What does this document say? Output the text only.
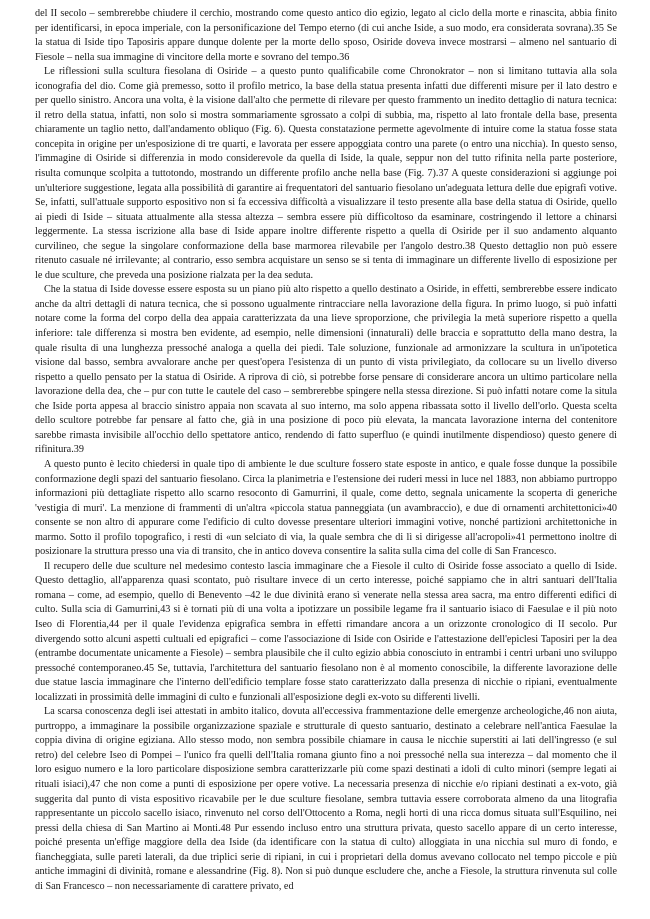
del II secolo – sembrerebbe chiudere il cerchio, mostrando come questo antico dio egizio, legato al ciclo della morte e rinascita, abbia finito per identificarsi, in epoca imperiale, con la personificazione del Tempo eterno (di cui anche Iside, a suo modo, era considerata sovrana).35 Se la statua di Iside tipo Taposiris appare dunque dolente per la morte dello sposo, Osiride doveva invece mostrarsi – almeno nel santuario di Fiesole – nella sua immagine di vincitore della morte e sovrano del tempo.36

Le riflessioni sulla scultura fiesolana di Osiride – a questo punto qualificabile come Chronokrator – non si limitano tuttavia alla sola iconografia del dio. Come già premesso, sotto il profilo metrico, la base della statua presenta infatti due differenti misure per il lato destro e per quello sinistro. Ancora una volta, è la visione dall'alto che permette di rilevare per questo frammento un inedito dettaglio di natura tecnica: il retro della statua, infatti, non solo si mostra sommariamente sgrossato a colpi di subbia, ma, rispetto al lato frontale della base, presenta chiaramente un taglio netto, dall'andamento obliquo (Fig. 6). Questa constatazione permette agevolmente di intuire come la statua fosse stata concepita in origine per un'esposizione di tre quarti, e lavorata per essere appoggiata contro una parete (o entro una nicchia). In questo senso, l'immagine di Osiride si differenzia in modo considerevole da quella di Iside, la quale, seppur non del tutto rifinita nella parte posteriore, risulta comunque scolpita a tuttotondo, mostrando un differente profilo anche nella base (Fig. 7).37 A queste considerazioni si aggiunge poi un'ulteriore suggestione, legata alla possibilità di garantire ai frequentatori del santuario fiesolano un'adeguata lettura delle due epigrafi votive. Se, infatti, sull'attuale supporto espositivo non si fa eccessiva difficoltà a visualizzare il testo presente alla base della statua di Osiride, quello ai piedi di Iside – situata attualmente alla stessa altezza – sembra essere più difficoltoso da esaminare, costringendo il lettore a chinarsi leggermente. La stessa iscrizione alla base di Iside appare inoltre differente rispetto a quella di Osiride per il suo andamento alquanto curvilineo, che segue la singolare conformazione della base marmorea rilevabile per l'angolo destro.38 Questo dettaglio non può essere ritenuto casuale né irrilevante; al contrario, esso sembra acquistare un senso se si tenta di immaginare un differente livello di esposizione per le due sculture, che preveda una posizione rialzata per la dea seduta.

Che la statua di Iside dovesse essere esposta su un piano più alto rispetto a quello destinato a Osiride, in effetti, sembrerebbe essere indicato anche da altri dettagli di natura tecnica, che si possono ugualmente rintracciare nella lavorazione della figura. In primo luogo, si può infatti notare come la forma del corpo della dea appaia caratterizzata da una lieve sproporzione, che privilegia la metà superiore rispetto a quella inferiore: tale differenza si mostra ben evidente, ad esempio, nelle dimensioni (innaturali) delle braccia e soprattutto della mano destra, la quale risulta di una lunghezza pressoché analoga a quella dei piedi. Tale soluzione, funzionale ad armonizzare la scultura in un'ipotetica visione dal basso, sembra avvalorare anche per quest'opera l'esistenza di un punto di vista privilegiato, da collocare su un livello diverso rispetto a quello pensato per la statua di Osiride. A riprova di ciò, si potrebbe forse pensare di considerare ancora un ultimo particolare nella lavorazione della dea, che – pur con tutte le cautele del caso – sembrerebbe spingere nella stessa direzione. Si può infatti notare come la situla che Iside porta appesa al braccio sinistro appaia non scavata al suo interno, ma solo appena ribassata sotto il livello dell'orlo. Questa scelta dello scultore potrebbe far pensare al fatto che, già in una posizione di poco più elevata, la mancata lavorazione interna del contenitore sarebbe rimasta invisibile all'occhio dello spettatore antico, rendendo di fatto superfluo (e quindi inutilmente dispendioso) questo genere di rifinitura.39

A questo punto è lecito chiedersi in quale tipo di ambiente le due sculture fossero state esposte in antico, e quale fosse dunque la possibile conformazione degli spazi del santuario fiesolano. Circa la planimetria e l'estensione dei ruderi messi in luce nel 1883, non abbiamo purtroppo informazioni più dettagliate rispetto allo scarno resoconto di Gamurrini, il quale, come detto, segnala unicamente la scoperta di generiche 'vestigia di muri'. La menzione di frammenti di un'altra «piccola statua panneggiata (un avambraccio), e due di ornamenti architettonici»40 consente se non altro di appurare come l'edificio di culto dovesse presentare ulteriori immagini votive, nonché partizioni architettoniche in marmo. Sotto il profilo topografico, i resti di «un selciato di via, la quale sembra che di lì si dirigesse all'acropoli»41 permettono inoltre di posizionare la struttura presso una via di transito, che in antico doveva consentire la salita sulla cima del colle di San Francesco.

Il recupero delle due sculture nel medesimo contesto lascia immaginare che a Fiesole il culto di Osiride fosse associato a quello di Iside. Questo dettaglio, all'apparenza quasi scontato, può risultare invece di un certo interesse, poiché sappiamo che in altri santuari dell'Italia romana – come, ad esempio, quello di Benevento –42 le due divinità erano sì venerate nella stessa area sacra, ma entro differenti edifici di culto. Sulla scia di Gamurrini,43 si è tornati più di una volta a ipotizzare un possibile legame fra il santuario isiaco di Faesulae e il più noto Iseo di Florentia,44 per il quale l'evidenza epigrafica sembra in effetti rimandare ancora a un orizzonte cronologico di II secolo. Pur divergendo sotto alcuni aspetti cultuali ed epigrafici – come l'associazione di Iside con Osiride e l'attestazione dell'epiclesi Taposiri per la dea (entrambe documentate unicamente a Fiesole) – sembra plausibile che il culto egizio abbia conosciuto in entrambi i centri urbani uno sviluppo pressoché contemporaneo.45 Se, tuttavia, l'architettura del santuario fiesolano non è al momento conoscibile, la differente lavorazione delle due statue lascia immaginare che l'interno dell'edificio templare fosse stato caratterizzato dalla presenza di nicchie o ripiani, eventualmente localizzati in prossimità delle immagini di culto e funzionali all'esposizione degli ex-voto su differenti livelli.

La scarsa conoscenza degli isei attestati in ambito italico, dovuta all'eccessiva frammentazione delle emergenze archeologiche,46 non aiuta, purtroppo, a immaginare la possibile organizzazione spaziale e strutturale di questo santuario, destinato a celebrare nell'antica Faesulae la coppia divina di origine egiziana. Allo stesso modo, non sembra possibile chiamare in causa le nicchie superstiti ai lati dell'ingresso (e sul retro) del celebre Iseo di Pompei – l'unico fra quelli dell'Italia romana giunto fino a noi pressoché nella sua interezza – dal momento che il loro esiguo numero e la loro particolare disposizione sembra caratterizzarle più come spazi destinati a idoli di culto minori (sempre legati ai rituali isiaci),47 che non come a punti di esposizione per opere votive. La necessaria presenza di nicchie e/o ripiani destinati a ex-voto, già suggerita dal punto di vista espositivo ricavabile per le due sculture fiesolane, sembra tuttavia essere corroborata almeno da una litografia rappresentante un piccolo sacello isiaco, rinvenuto nel corso dell'Ottocento a Roma, negli horti di una ricca domus situata sull'Esquilino, nei pressi della chiesa di San Martino ai Monti.48 Pur essendo incluso entro una struttura privata, questo sacello appare di un certo interesse, poiché presenta un'effige maggiore della dea Iside (da identificare con la statua di culto) alloggiata in una nicchia sul muro di fondo, e fiancheggiata, sulle pareti laterali, da due triplici serie di ripiani, in cui i proprietari della domus avevano collocato nel tempo piccole e più antiche immagini di divinità, romane e alessandrine (Fig. 8). Non si può dunque escludere che, anche a Fiesole, la struttura rinvenuta sul colle di San Francesco – non necessariamente di carattere privato, ed
